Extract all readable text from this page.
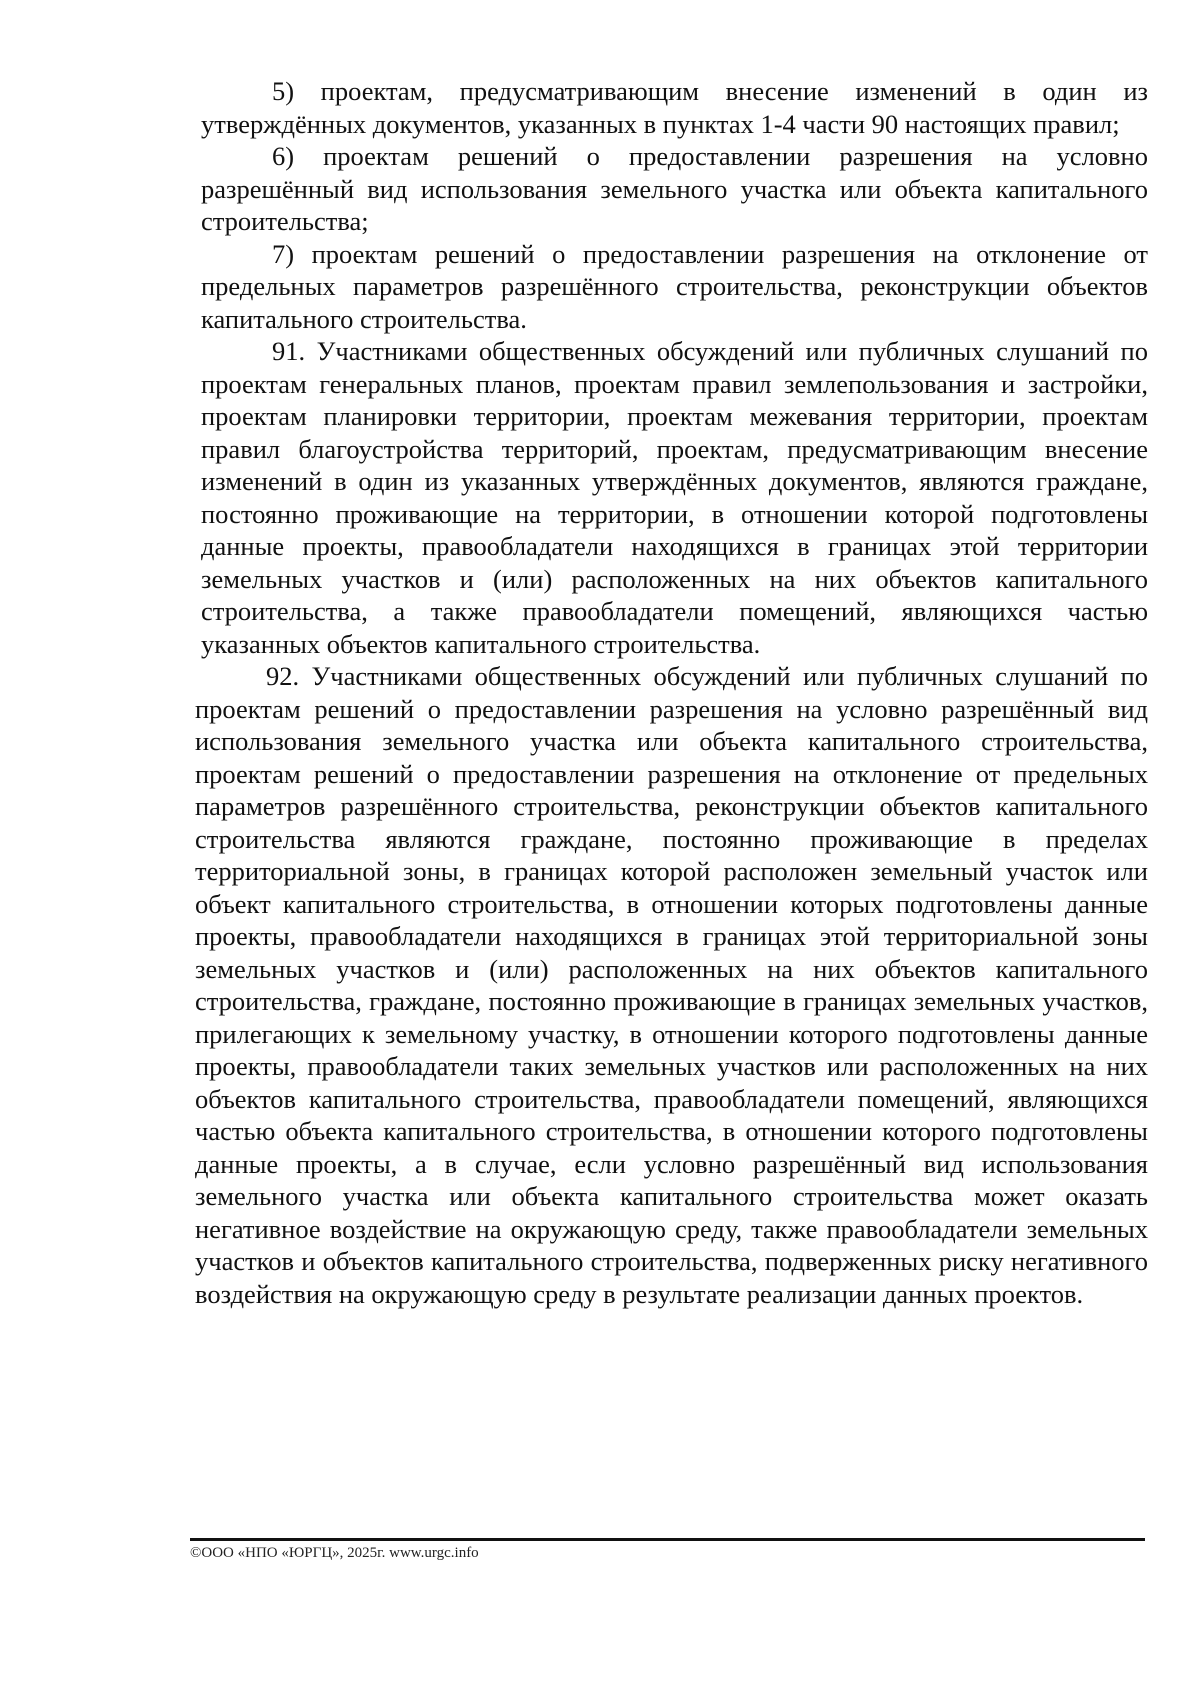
5) проектам, предусматривающим внесение изменений в один из утверждённых документов, указанных в пунктах 1-4 части 90 настоящих правил;

6) проектам решений о предоставлении разрешения на условно разрешённый вид использования земельного участка или объекта капитального строительства;

7) проектам решений о предоставлении разрешения на отклонение от предельных параметров разрешённого строительства, реконструкции объектов капитального строительства.

91. Участниками общественных обсуждений или публичных слушаний по проектам генеральных планов, проектам правил землепользования и застройки, проектам планировки территории, проектам межевания территории, проектам правил благоустройства территорий, проектам, предусматривающим внесение изменений в один из указанных утверждённых документов, являются граждане, постоянно проживающие на территории, в отношении которой подготовлены данные проекты, правообладатели находящихся в границах этой территории земельных участков и (или) расположенных на них объектов капитального строительства, а также правообладатели помещений, являющихся частью указанных объектов капитального строительства.

92. Участниками общественных обсуждений или публичных слушаний по проектам решений о предоставлении разрешения на условно разрешённый вид использования земельного участка или объекта капитального строительства, проектам решений о предоставлении разрешения на отклонение от предельных параметров разрешённого строительства, реконструкции объектов капитального строительства являются граждане, постоянно проживающие в пределах территориальной зоны, в границах которой расположен земельный участок или объект капитального строительства, в отношении которых подготовлены данные проекты, правообладатели находящихся в границах этой территориальной зоны земельных участков и (или) расположенных на них объектов капитального строительства, граждане, постоянно проживающие в границах земельных участков, прилегающих к земельному участку, в отношении которого подготовлены данные проекты, правообладатели таких земельных участков или расположенных на них объектов капитального строительства, правообладатели помещений, являющихся частью объекта капитального строительства, в отношении которого подготовлены данные проекты, а в случае, если условно разрешённый вид использования земельного участка или объекта капитального строительства может оказать негативное воздействие на окружающую среду, также правообладатели земельных участков и объектов капитального строительства, подверженных риску негативного воздействия на окружающую среду в результате реализации данных проектов.

©ООО «НПО «ЮРГЦ», 2025г. www.urgc.info
